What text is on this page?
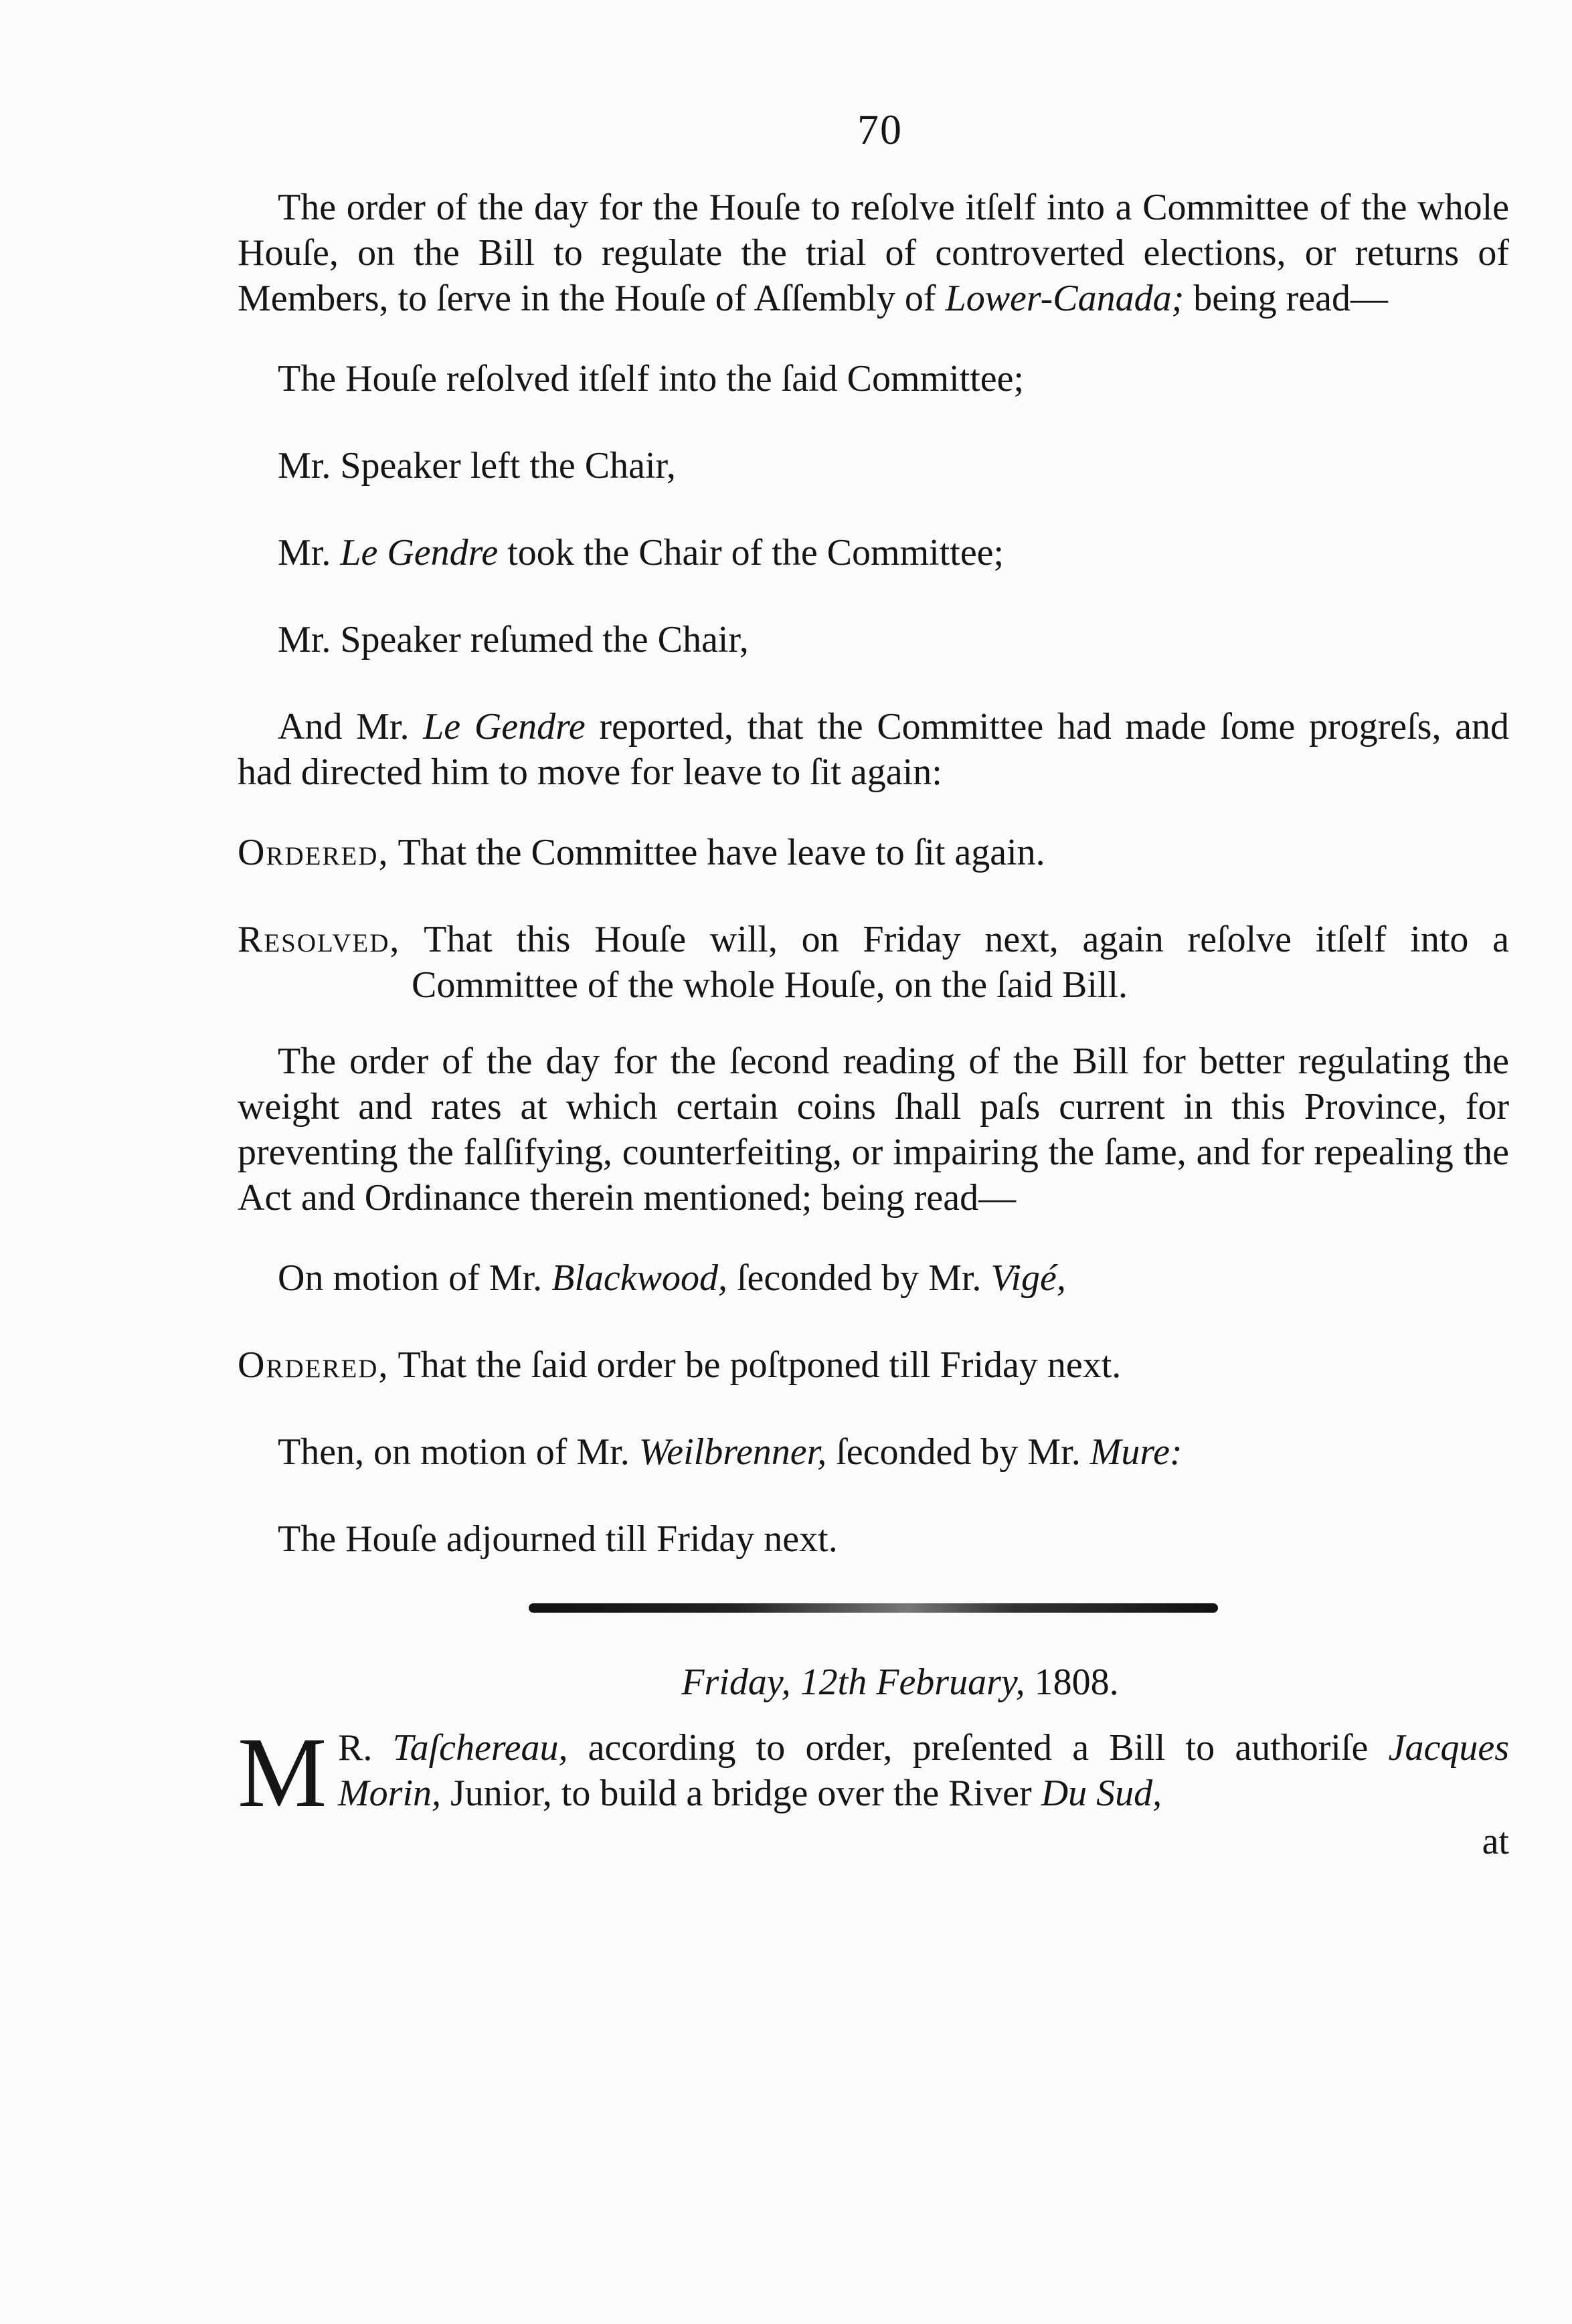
70

The order of the day for the Houſe to reſolve itſelf into a Committee of the whole Houſe, on the Bill to regulate the trial of controverted elections, or returns of Members, to ſerve in the Houſe of Aſſembly of Lower-Canada; being read—

The Houſe reſolved itſelf into the ſaid Committee;

Mr. Speaker left the Chair,

Mr. Le Gendre took the Chair of the Committee;

Mr. Speaker reſumed the Chair,

And Mr. Le Gendre reported, that the Committee had made ſome progreſs, and had directed him to move for leave to ſit again:

Ordered, That the Committee have leave to ſit again.

Resolved, That this Houſe will, on Friday next, again reſolve itſelf into a Committee of the whole Houſe, on the ſaid Bill.

The order of the day for the ſecond reading of the Bill for better regulating the weight and rates at which certain coins ſhall paſs current in this Province, for preventing the falſifying, counterfeiting, or impairing the ſame, and for repealing the Act and Ordinance therein mentioned; being read—

On motion of Mr. Blackwood, ſeconded by Mr. Vigé,

Ordered, That the ſaid order be poſtponed till Friday next.

Then, on motion of Mr. Weilbrenner, ſeconded by Mr. Mure:

The Houſe adjourned till Friday next.

Friday, 12th February, 1808.

M R. Taſchereau, according to order, preſented a Bill to authoriſe Jacques Morin, Junior, to build a bridge over the River Du Sud,

at
